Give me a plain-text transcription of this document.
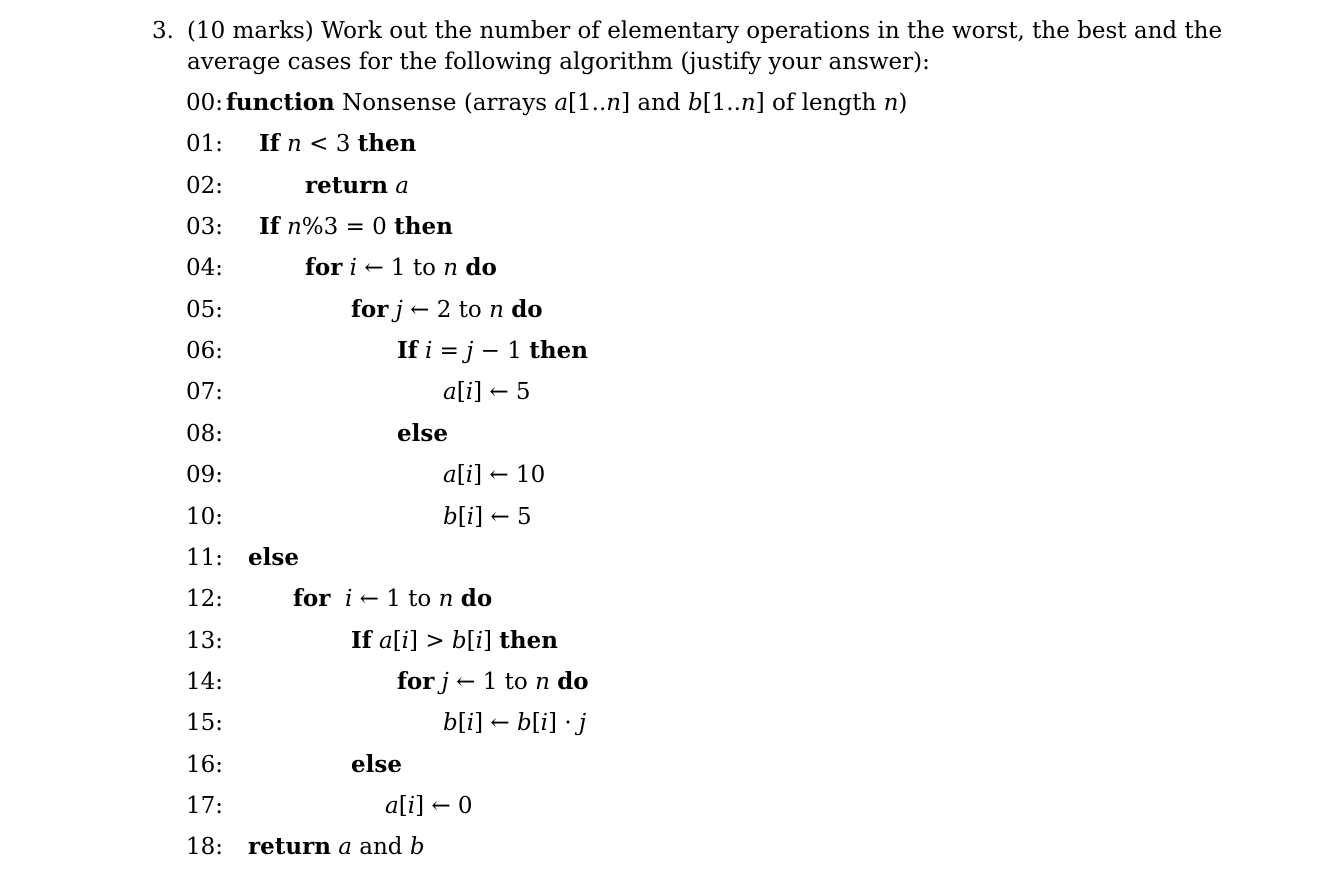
3. (10 marks) Work out the number of elementary operations in the worst, the best and the
average cases for the following algorithm (justify your answer):
00: function Nonsense (arrays a[1..n] and b[1..n] of length n)
01: If n < 3 then
02:	return a
03: If n%3 = 0 then
04:	for i ← 1 to n do
05:	for j ← 2 to n do
06:	If i = j − 1 then
07:	a[i] ← 5
08:	else
09:	a[i] ← 10
10:	b[i] ← 5
11: else
12:	for i ← 1 to n do
13:	If a[i] > b[i] then
14:	for j ← 1 to n do
15:	b[i] ← b[i] · j
16:	else
17:	a[i] ← 0
18: return a and b
